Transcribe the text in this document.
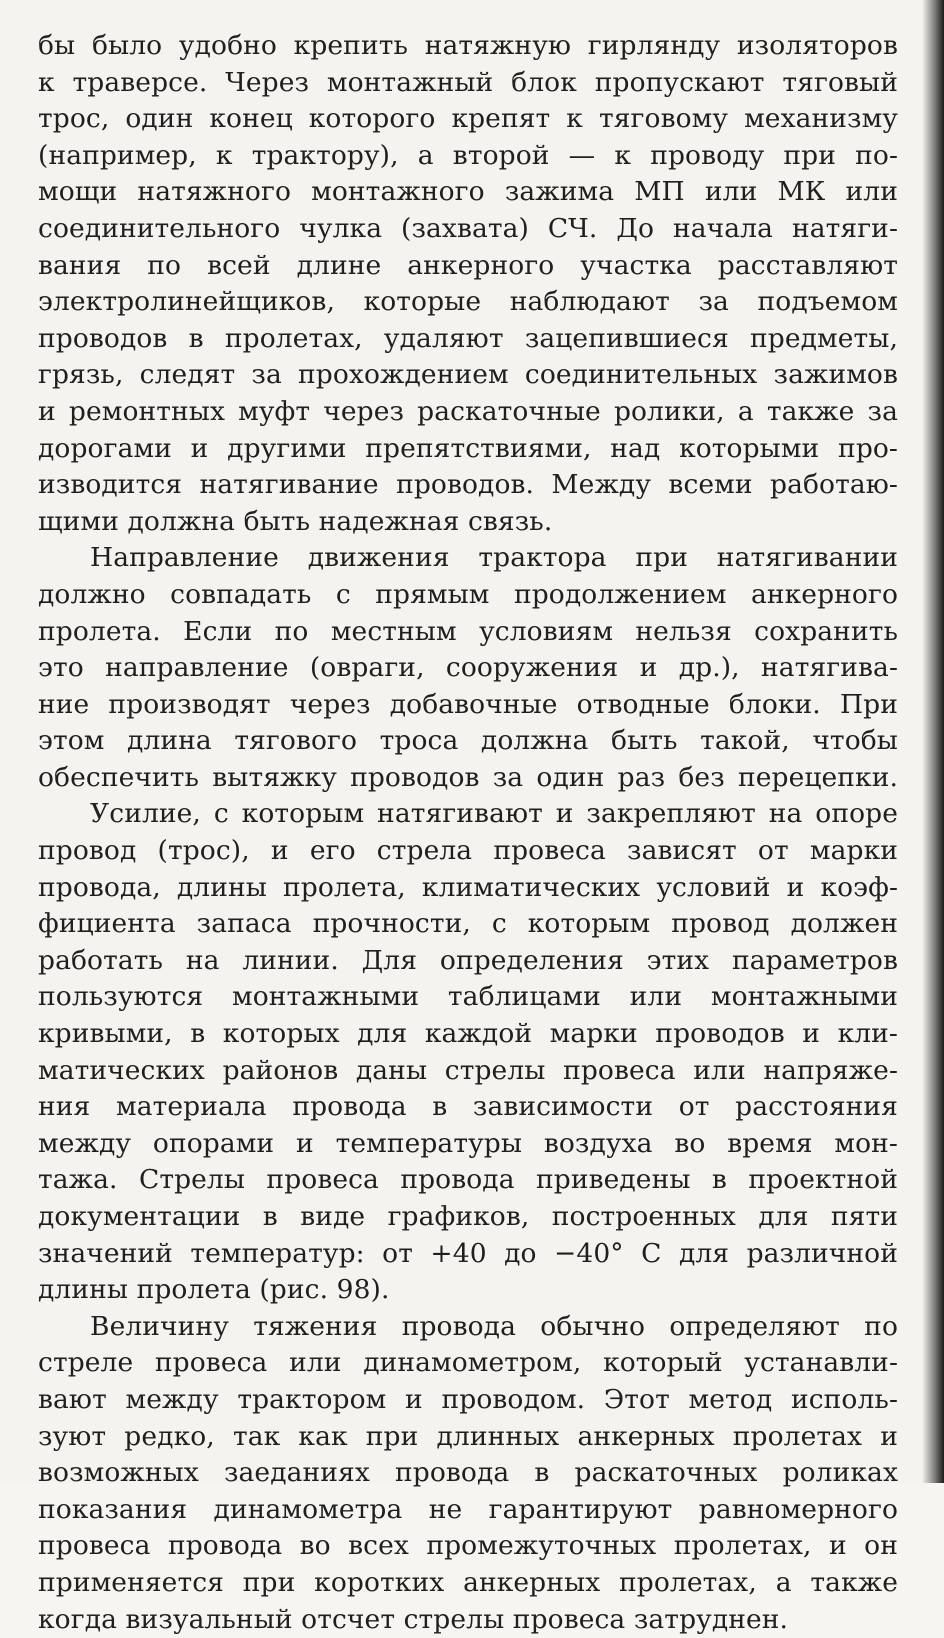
бы было удобно крепить натяжную гирлянду изоляторов
к траверсе. Через монтажный блок пропускают тяговый
трос, один конец которого крепят к тяговому механизму
(например, к трактору), а второй — к проводу при по-
мощи натяжного монтажного зажима МП или МК или
соединительного чулка (захвата) СЧ. До начала натяги-
вания по всей длине анкерного участка расставляют
электролинейщиков, которые наблюдают за подъемом
проводов в пролетах, удаляют зацепившиеся предметы,
грязь, следят за прохождением соединительных зажимов
и ремонтных муфт через раскаточные ролики, а также за
дорогами и другими препятствиями, над которыми про-
изводится натягивание проводов. Между всеми работаю-
щими должна быть надежная связь.
Направление движения трактора при натягивании
должно совпадать с прямым продолжением анкерного
пролета. Если по местным условиям нельзя сохранить
это направление (овраги, сооружения и др.), натягива-
ние производят через добавочные отводные блоки. При
этом длина тягового троса должна быть такой, чтобы
обеспечить вытяжку проводов за один раз без перецепки.
Усилие, с которым натягивают и закрепляют на опоре
провод (трос), и его стрела провеса зависят от марки
провода, длины пролета, климатических условий и коэф-
фициента запаса прочности, с которым провод должен
работать на линии. Для определения этих параметров
пользуются монтажными таблицами или монтажными
кривыми, в которых для каждой марки проводов и кли-
матических районов даны стрелы провеса или напряже-
ния материала провода в зависимости от расстояния
между опорами и температуры воздуха во время мон-
тажа. Стрелы провеса провода приведены в проектной
документации в виде графиков, построенных для пяти
значений температур: от +40 до −40° С для различной
длины пролета (рис. 98).
Величину тяжения провода обычно определяют по
стреле провеса или динамометром, который устанавли-
вают между трактором и проводом. Этот метод исполь-
зуют редко, так как при длинных анкерных пролетах и
возможных заеданиях провода в раскаточных роликах
показания динамометра не гарантируют равномерного
провеса провода во всех промежуточных пролетах, и он
применяется при коротких анкерных пролетах, а также
когда визуальный отсчет стрелы провеса затруднен.
